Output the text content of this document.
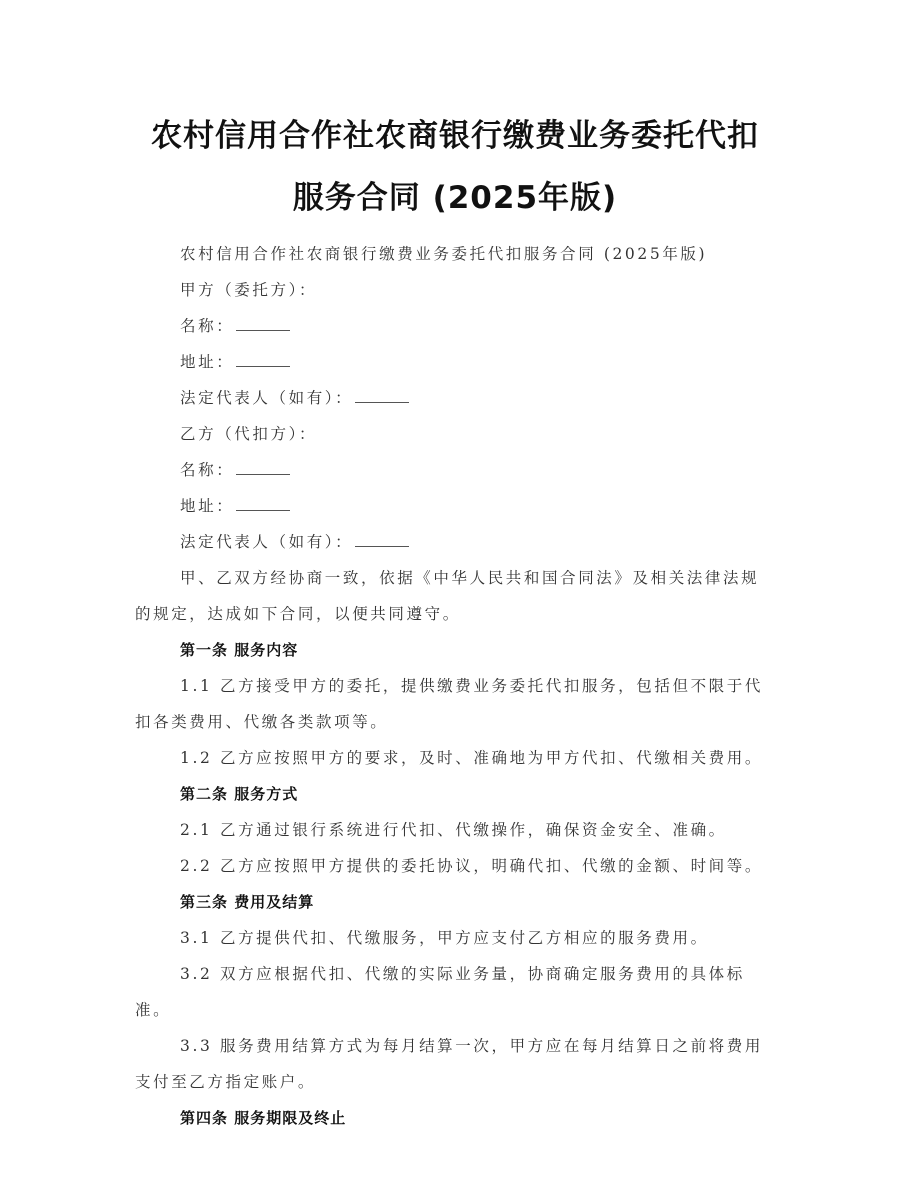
农村信用合作社农商银行缴费业务委托代扣
服务合同 (2025年版)

农村信用合作社农商银行缴费业务委托代扣服务合同 (2025年版)

甲方（委托方）：

名称：

地址：

法定代表人（如有）：

乙方（代扣方）：

名称：

地址：

法定代表人（如有）：

甲、乙双方经协商一致，依据《中华人民共和国合同法》及相关法律法规的规定，达成如下合同，以便共同遵守。

第一条 服务内容

1.1 乙方接受甲方的委托，提供缴费业务委托代扣服务，包括但不限于代扣各类费用、代缴各类款项等。

1.2 乙方应按照甲方的要求，及时、准确地为甲方代扣、代缴相关费用。

第二条 服务方式

2.1 乙方通过银行系统进行代扣、代缴操作，确保资金安全、准确。

2.2 乙方应按照甲方提供的委托协议，明确代扣、代缴的金额、时间等。

第三条 费用及结算

3.1 乙方提供代扣、代缴服务，甲方应支付乙方相应的服务费用。

3.2 双方应根据代扣、代缴的实际业务量，协商确定服务费用的具体标准。

3.3 服务费用结算方式为每月结算一次，甲方应在每月结算日之前将费用支付至乙方指定账户。

第四条 服务期限及终止
